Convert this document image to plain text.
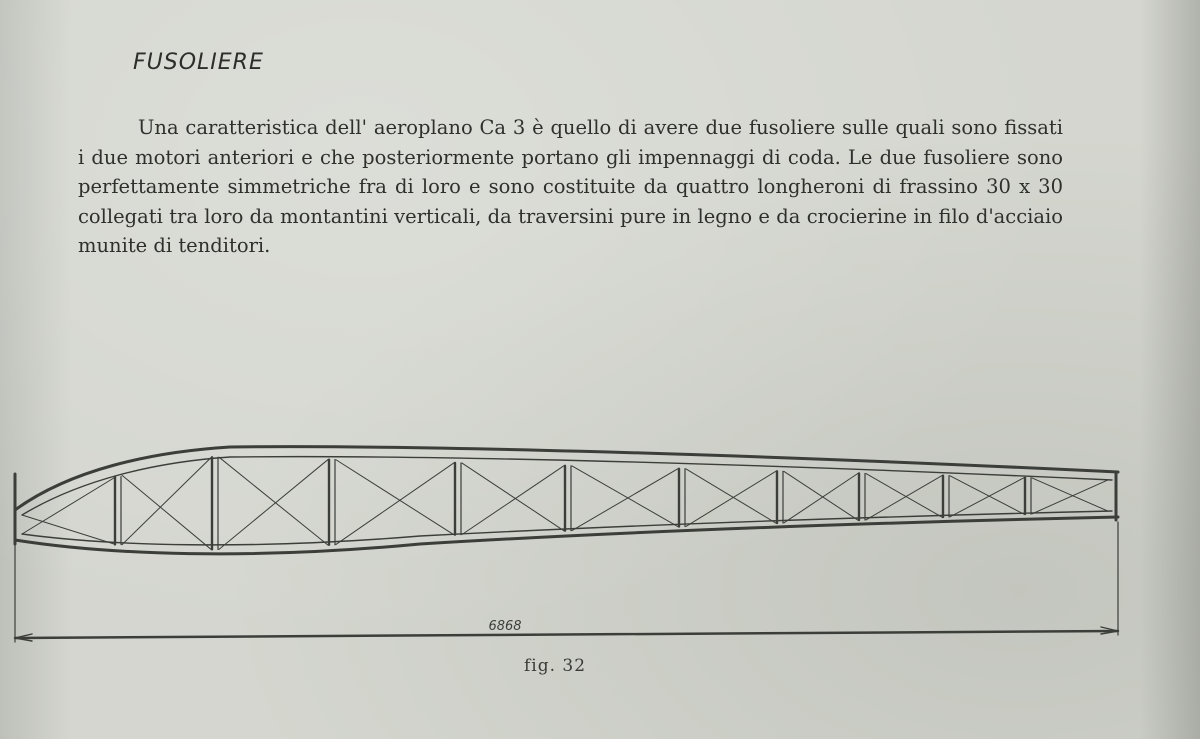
FUSOLIERE

Una caratteristica dell' aeroplano Ca 3 è quello di avere due fusoliere sulle quali sono fissati i due motori anteriori e che posteriormente portano gli impennaggi di coda. Le due fusoliere sono perfettamente simmetriche fra di loro e sono costituite da quattro longheroni di frassino 30 x 30 collegati tra loro da montantini verticali, da traversini pure in legno e da crocierine in filo d'acciaio munite di tenditori.

6868

fig. 32
